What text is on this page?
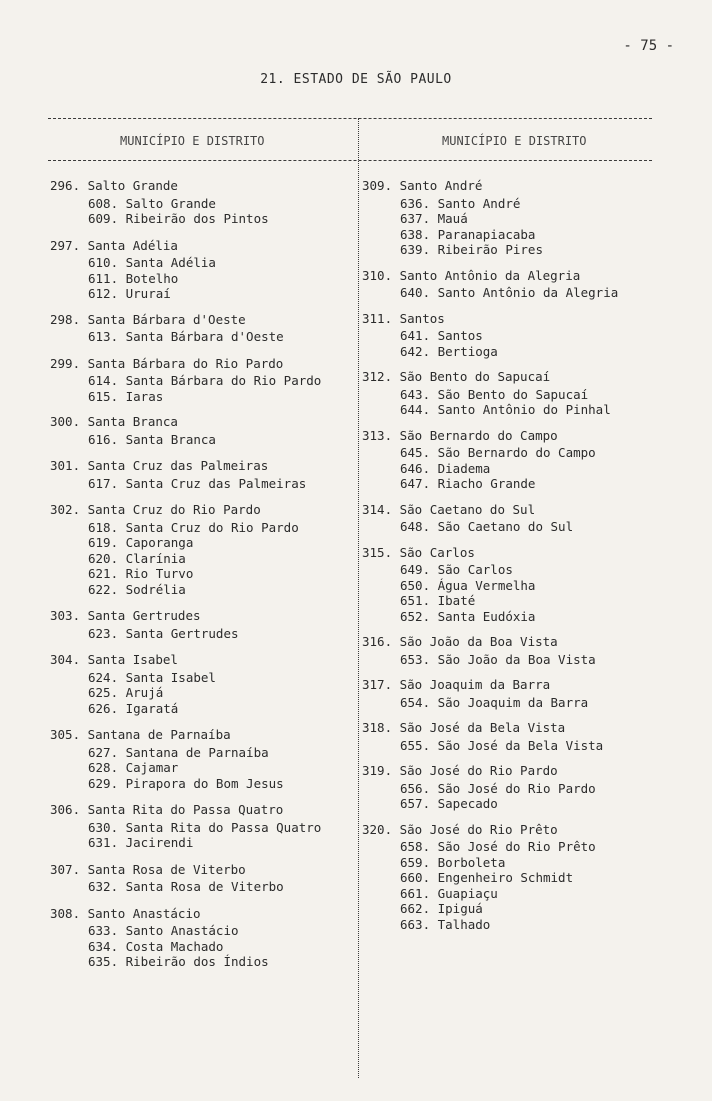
- 75 -
21. ESTADO DE SÃO PAULO
MUNICÍPIO E DISTRITO	MUNICÍPIO E DISTRITO
296. Salto Grande
608. Salto Grande
609. Ribeirão dos Pintos
297. Santa Adélia
610. Santa Adélia
611. Botelho
612. Ururaí
298. Santa Bárbara d'Oeste
613. Santa Bárbara d'Oeste
299. Santa Bárbara do Rio Pardo
614. Santa Bárbara do Rio Pardo
615. Iaras
300. Santa Branca
616. Santa Branca
301. Santa Cruz das Palmeiras
617. Santa Cruz das Palmeiras
302. Santa Cruz do Rio Pardo
618. Santa Cruz do Rio Pardo
619. Caporanga
620. Clarínia
621. Rio Turvo
622. Sodrélia
303. Santa Gertrudes
623. Santa Gertrudes
304. Santa Isabel
624. Santa Isabel
625. Arujá
626. Igaratá
305. Santana de Parnaíba
627. Santana de Parnaíba
628. Cajamar
629. Pirapora do Bom Jesus
306. Santa Rita do Passa Quatro
630. Santa Rita do Passa Quatro
631. Jacirendi
307. Santa Rosa de Viterbo
632. Santa Rosa de Viterbo
308. Santo Anastácio
633. Santo Anastácio
634. Costa Machado
635. Ribeirão dos Índios
309. Santo André
636. Santo André
637. Mauá
638. Paranapiacaba
639. Ribeirão Pires
310. Santo Antônio da Alegria
640. Santo Antônio da Alegria
311. Santos
641. Santos
642. Bertioga
312. São Bento do Sapucaí
643. São Bento do Sapucaí
644. Santo Antônio do Pinhal
313. São Bernardo do Campo
645. São Bernardo do Campo
646. Diadema
647. Riacho Grande
314. São Caetano do Sul
648. São Caetano do Sul
315. São Carlos
649. São Carlos
650. Água Vermelha
651. Ibaté
652. Santa Eudóxia
316. São João da Boa Vista
653. São João da Boa Vista
317. São Joaquim da Barra
654. São Joaquim da Barra
318. São José da Bela Vista
655. São José da Bela Vista
319. São José do Rio Pardo
656. São José do Rio Pardo
657. Sapecado
320. São José do Rio Prêto
658. São José do Rio Prêto
659. Borboleta
660. Engenheiro Schmidt
661. Guapiaçu
662. Ipiguá
663. Talhado
